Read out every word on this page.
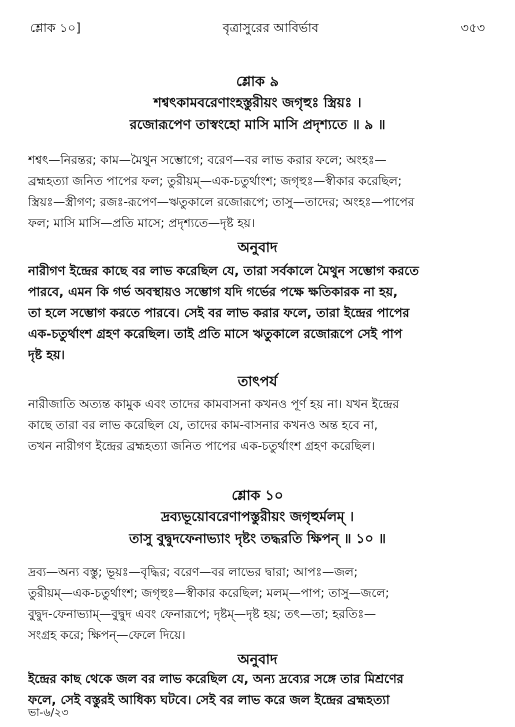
শ্লোক ১০]	বৃত্রাসুরের আবির্ভাব	৩৫৩
শ্লোক ৯
শশ্বৎকামবরেণাংহস্তুরীয়ং জগৃহুঃ স্ত্রিয়ঃ ।
রজোরূপেণ তাস্বংহো মাসি মাসি প্রদৃশ্যতে ॥ ৯ ॥
শশ্বৎ—নিরন্তর; কাম—মৈথুন সম্ভোগে; বরেণ—বর লাভ করার ফলে; অংহঃ—
ব্রহ্মহত্যা জনিত পাপের ফল; তুরীয়ম্—এক-চতুর্থাংশ; জগৃহুঃ—স্বীকার করেছিল;
স্ত্রিয়ঃ—স্ত্রীগণ; রজঃ-রূপেণ—ঋতুকালে রজোরূপে; তাসু—তাদের; অংহঃ—পাপের
ফল; মাসি মাসি—প্রতি মাসে; প্রদৃশ্যতে—দৃষ্ট হয়।
অনুবাদ
নারীগণ ইন্দ্রের কাছে বর লাভ করেছিল যে, তারা সর্বকালে মৈথুন সম্ভোগ করতে
পারবে, এমন কি গর্ভ অবস্থায়ও সম্ভোগ যদি গর্ভের পক্ষে ক্ষতিকারক না হয়,
তা হলে সম্ভোগ করতে পারবে। সেই বর লাভ করার ফলে, তারা ইন্দ্রের পাপের
এক-চতুর্থাংশ গ্রহণ করেছিল। তাই প্রতি মাসে ঋতুকালে রজোরূপে সেই পাপ
দৃষ্ট হয়।
তাৎপর্য
নারীজাতি অত্যন্ত কামুক এবং তাদের কামবাসনা কখনও পূর্ণ হয় না। যখন ইন্দ্রের
কাছে তারা বর লাভ করেছিল যে, তাদের কাম-বাসনার কখনও অন্ত হবে না,
তখন নারীগণ ইন্দ্রের ব্রহ্মহত্যা জনিত পাপের এক-চতুর্থাংশ গ্রহণ করেছিল।
শ্লোক ১০
দ্রব্যভূয়োবরেণাপস্তুরীয়ং জগৃহুর্মলম্ ।
তাসু বুদ্বুদফেনাভ্যাং দৃষ্টং তদ্ধরতি ক্ষিপন্ ॥ ১০ ॥
দ্রব্য—অন্য বস্তু; ভূয়ঃ—বৃদ্ধির; বরেণ—বর লাভের দ্বারা; আপঃ—জল;
তুরীয়ম্—এক-চতুর্থাংশ; জগৃহুঃ—স্বীকার করেছিল; মলম্—পাপ; তাসু—জলে;
বুদ্বুদ-ফেনাভ্যাম্—বুদ্বুদ এবং ফেনারূপে; দৃষ্টম্—দৃষ্ট হয়; তৎ—তা; হরতিঃ—
সংগ্রহ করে; ক্ষিপন্—ফেলে দিয়ে।
অনুবাদ
ইন্দ্রের কাছ থেকে জল বর লাভ করেছিল যে, অন্য দ্রব্যের সঙ্গে তার মিশ্রণের
ফলে, সেই বস্তুরই আধিক্য ঘটবে। সেই বর লাভ করে জল ইন্দ্রের ব্রহ্মহত্যা
ভা-৬/২৩
